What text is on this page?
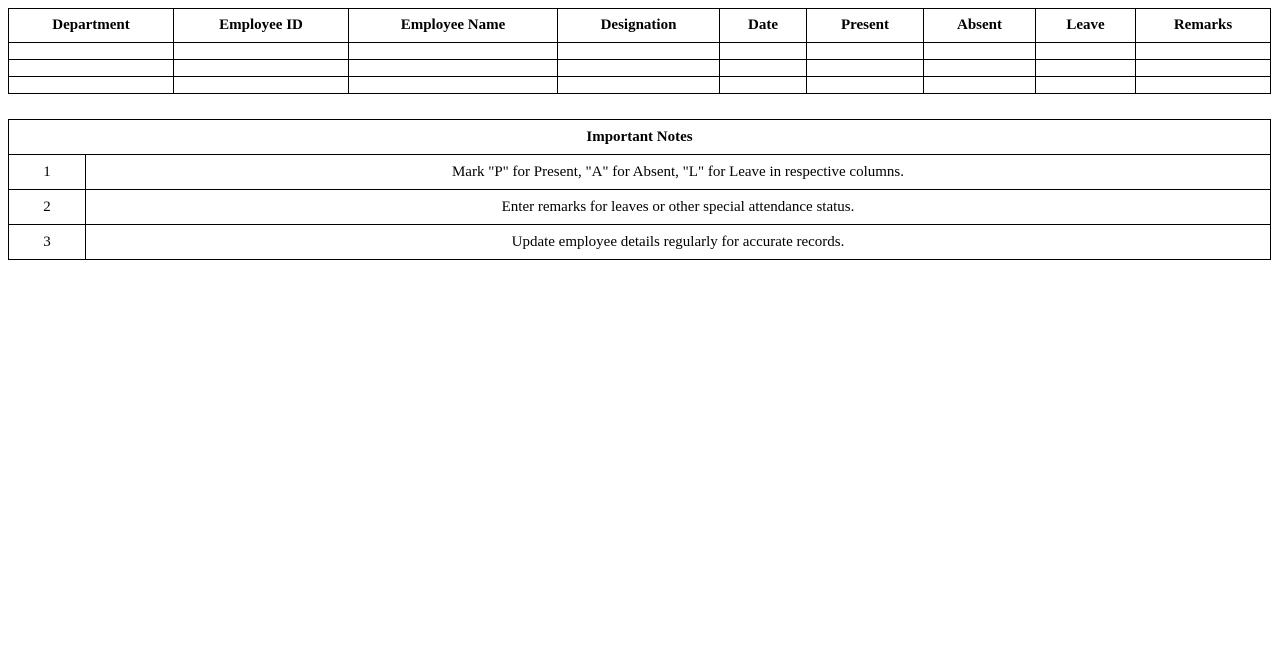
Department	Employee ID	Employee Name	Designation	Date	Present	Absent	Leave	Remarks

Important Notes	
1	Mark "P" for Present, "A" for Absent, "L" for Leave in respective columns.
2	Enter remarks for leaves or other special attendance status.
3	Update employee details regularly for accurate records.
